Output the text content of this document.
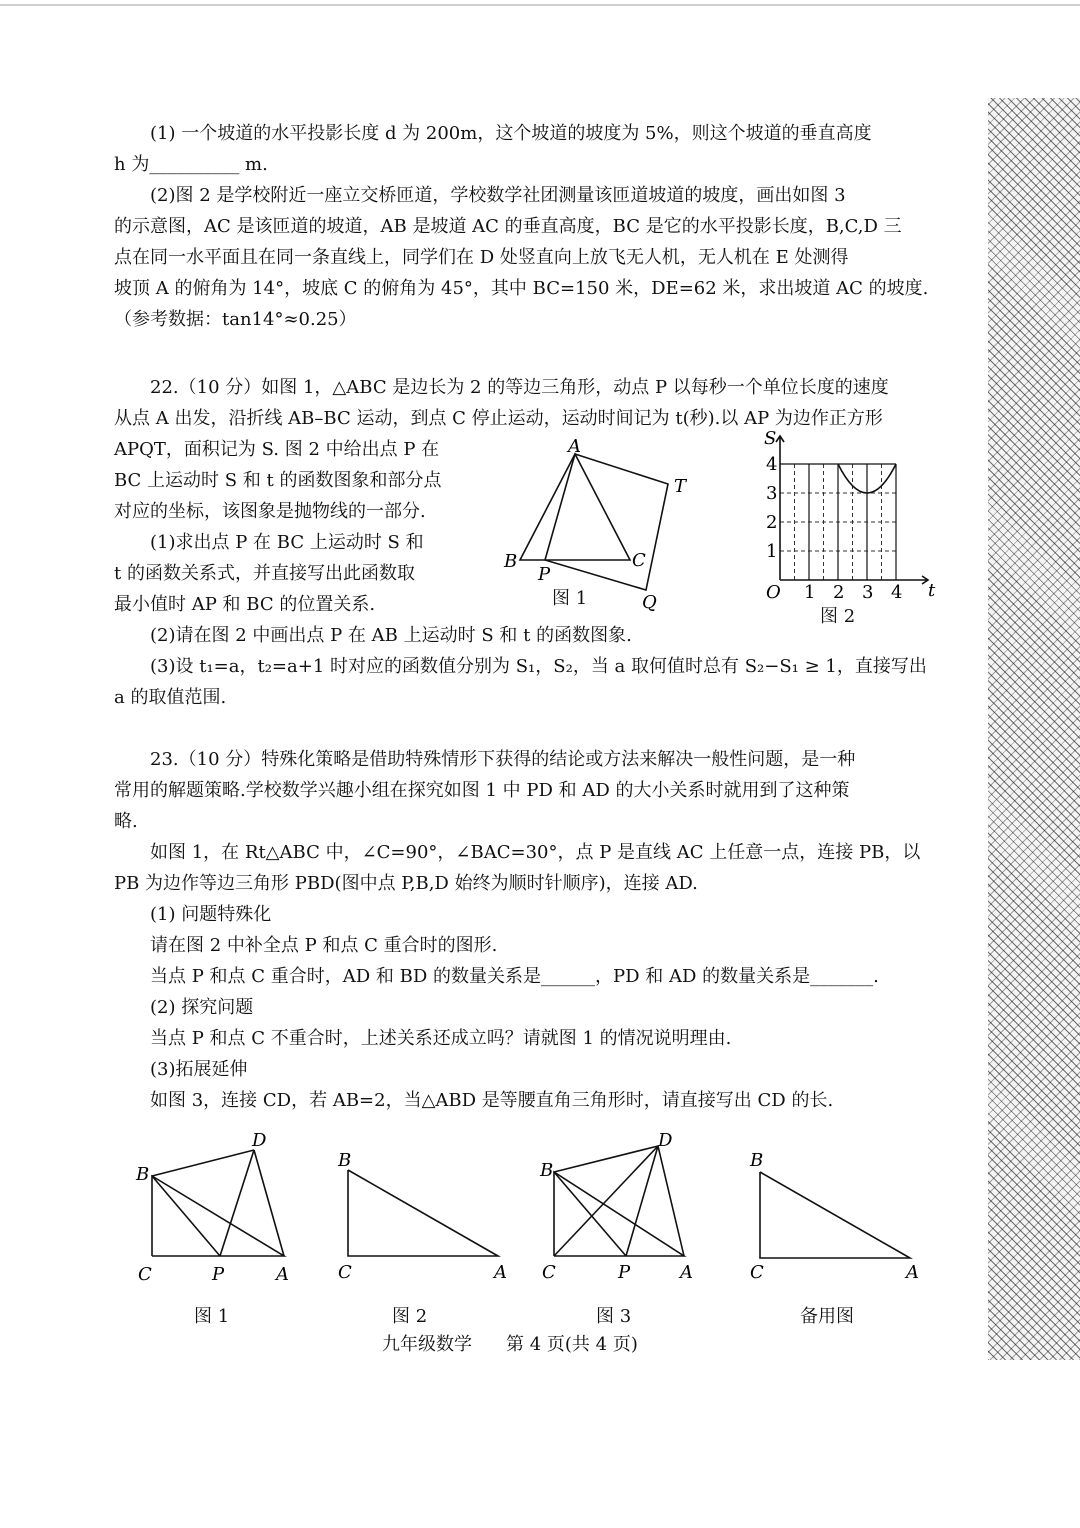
(1) 一个坡道的水平投影长度 d 为 200m，这个坡道的坡度为 5%，则这个坡道的垂直高度

h 为__________ m.

(2)图 2 是学校附近一座立交桥匝道，学校数学社团测量该匝道坡道的坡度，画出如图 3

的示意图，AC 是该匝道的坡道，AB 是坡道 AC 的垂直高度，BC 是它的水平投影长度，B,C,D 三

点在同一水平面且在同一条直线上，同学们在 D 处竖直向上放飞无人机，无人机在 E 处测得

坡顶 A 的俯角为 14°，坡底 C 的俯角为 45°，其中 BC=150 米，DE=62 米，求出坡道 AC 的坡度.

（参考数据：tan14°≈0.25）

22.（10 分）如图 1，△ABC 是边长为 2 的等边三角形，动点 P 以每秒一个单位长度的速度

从点 A 出发，沿折线 AB–BC 运动，到点 C 停止运动，运动时间记为 t(秒).以 AP 为边作正方形

APQT，面积记为 S. 图 2 中给出点 P 在

BC 上运动时 S 和 t 的函数图象和部分点

对应的坐标，该图象是抛物线的一部分.

(1)求出点 P 在 BC 上运动时 S 和

t 的函数关系式，并直接写出此函数取

最小值时 AP 和 BC 的位置关系.

(2)请在图 2 中画出点 P 在 AB 上运动时 S 和 t 的函数图象.

(3)设 t₁=a，t₂=a+1 时对应的函数值分别为 S₁，S₂，当 a 取何值时总有 S₂−S₁ ≥ 1，直接写出

a 的取值范围.

A
B	C
P
Q
T
图 1
S
t
O
4
3
2
1
1 2 3 4
图 2

23.（10 分）特殊化策略是借助特殊情形下获得的结论或方法来解决一般性问题，是一种

常用的解题策略.学校数学兴趣小组在探究如图 1 中 PD 和 AD 的大小关系时就用到了这种策

略.

如图 1，在 Rt△ABC 中，∠C=90°，∠BAC=30°，点 P 是直线 AC 上任意一点，连接 PB，以

PB 为边作等边三角形 PBD(图中点 P,B,D 始终为顺时针顺序)，连接 AD.

(1) 问题特殊化

请在图 2 中补全点 P 和点 C 重合时的图形.

当点 P 和点 C 重合时，AD 和 BD 的数量关系是______，PD 和 AD 的数量关系是_______.

(2) 探究问题

当点 P 和点 C 不重合时，上述关系还成立吗？请就图 1 的情况说明理由.

(3)拓展延伸

如图 3，连接 CD，若 AB=2，当△ABD 是等腰直角三角形时，请直接写出 CD 的长.

B
C	P	A
D
B
C	A
B
C	P	A
D
B
C	A
图 1	图 2	图 3	备用图
九年级数学 第 4 页(共 4 页)
